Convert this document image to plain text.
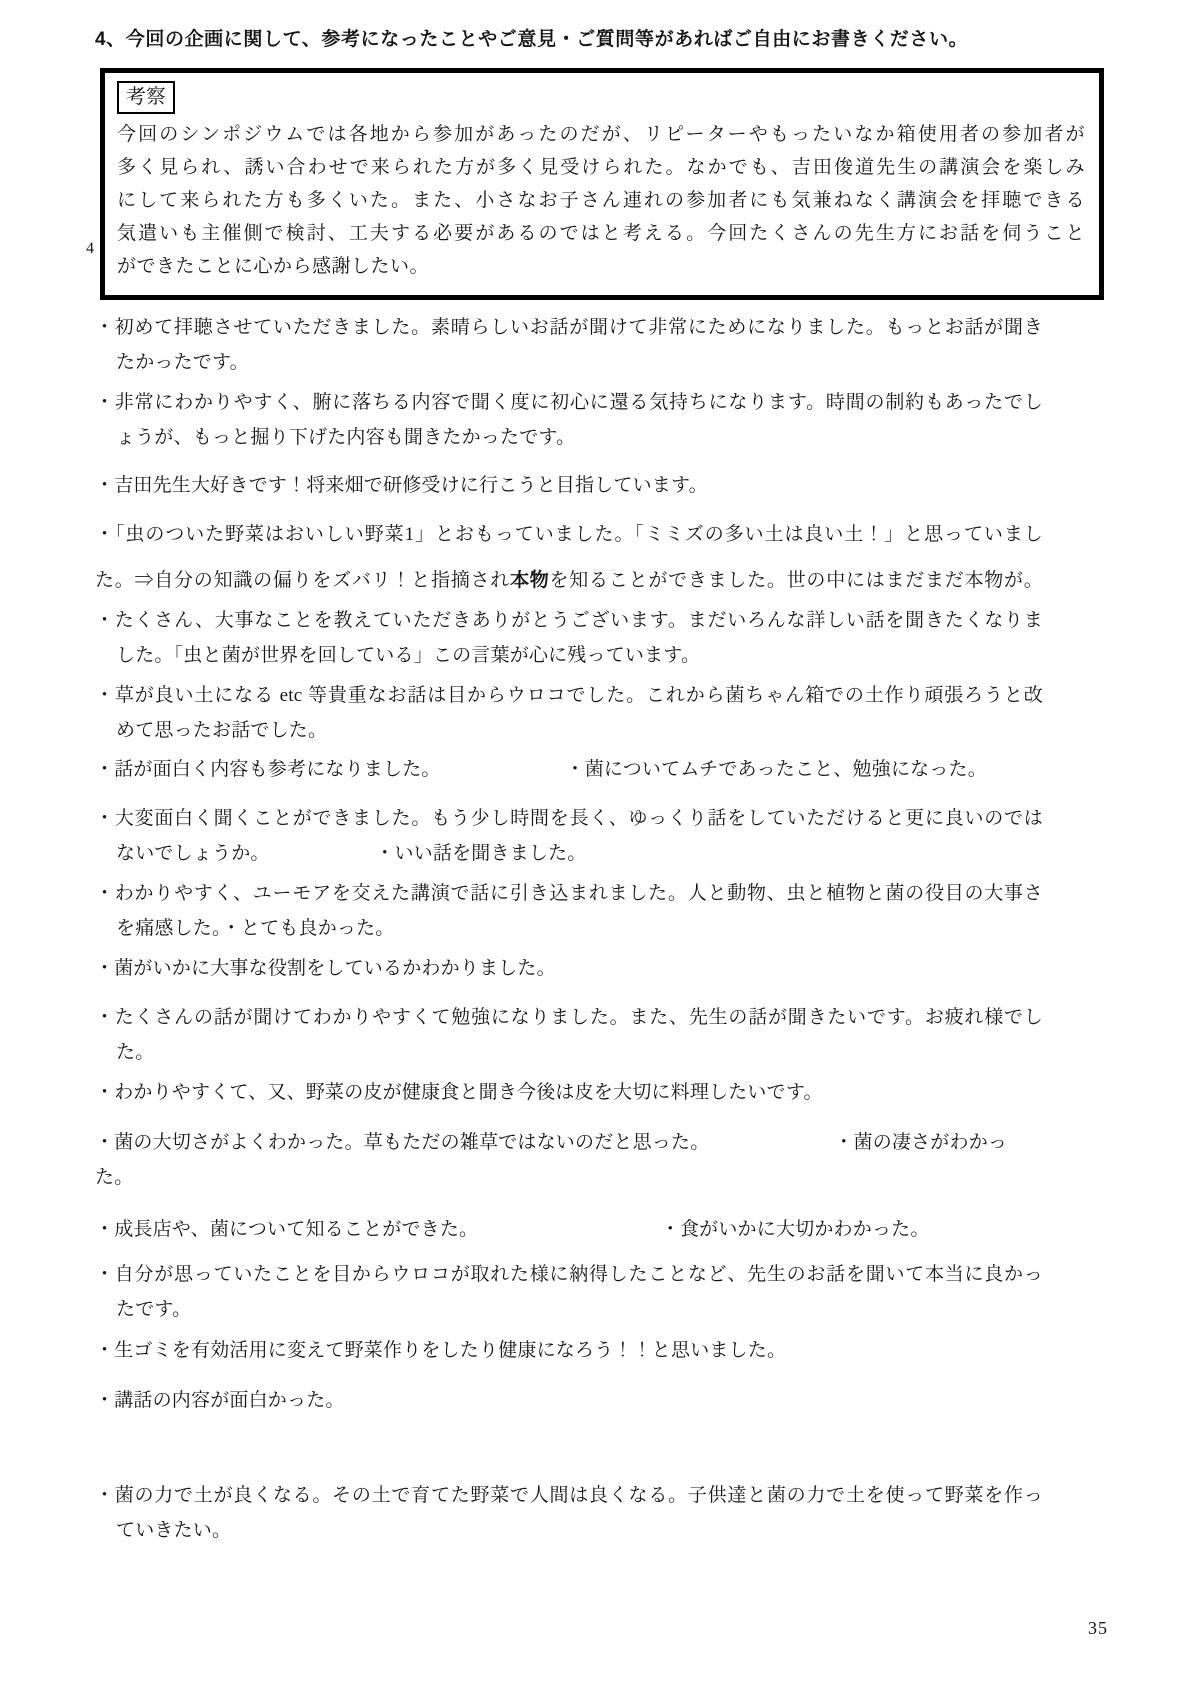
4、今回の企画に関して、参考になったことやご意見・ご質問等があればご自由にお書きください。
4
考察
今回のシンポジウムでは各地から参加があったのだが、リピーターやもったいなか箱使用者の参加者が
多く見られ、誘い合わせで来られた方が多く見受けられた。なかでも、吉田俊道先生の講演会を楽しみ
にして来られた方も多くいた。また、小さなお子さん連れの参加者にも気兼ねなく講演会を拝聴できる
気遣いも主催側で検討、工夫する必要があるのではと考える。今回たくさんの先生方にお話を伺うこと
ができたことに心から感謝したい。
・初めて拝聴させていただきました。素晴らしいお話が聞けて非常にためになりました。もっとお話が聞き
たかったです。
・非常にわかりやすく、腑に落ちる内容で聞く度に初心に還る気持ちになります。時間の制約もあったでし
ょうが、もっと掘り下げた内容も聞きたかったです。
・吉田先生大好きです！将来畑で研修受けに行こうと目指しています。
・「虫のついた野菜はおいしい野菜1」とおもっていました。「ミミズの多い土は良い土！」と思っていまし
た。⇒自分の知識の偏りをズバリ！と指摘され本物を知ることができました。世の中にはまだまだ本物が。
・たくさん、大事なことを教えていただきありがとうございます。まだいろんな詳しい話を聞きたくなりま
した。「虫と菌が世界を回している」この言葉が心に残っています。
・草が良い土になる etc 等貴重なお話は目からウロコでした。これから菌ちゃん箱での土作り頑張ろうと改
めて思ったお話でした。
・話が面白く内容も参考になりました。　　　　　　　・菌についてムチであったこと、勉強になった。
・大変面白く聞くことができました。もう少し時間を長く、ゆっくり話をしていただけると更に良いのでは
ないでしょうか。　　　　　　・いい話を聞きました。
・わかりやすく、ユーモアを交えた講演で話に引き込まれました。人と動物、虫と植物と菌の役目の大事さ
を痛感した。・とても良かった。
・菌がいかに大事な役割をしているかわかりました。
・たくさんの話が聞けてわかりやすくて勉強になりました。また、先生の話が聞きたいです。お疲れ様でし
た。
・わかりやすくて、又、野菜の皮が健康食と聞き今後は皮を大切に料理したいです。
・菌の大切さがよくわかった。草もただの雑草ではないのだと思った。　　　　　　　・菌の凄さがわかった。
・成長店や、菌について知ることができた。　　　　　　　　　　・食がいかに大切かわかった。
・自分が思っていたことを目からウロコが取れた様に納得したことなど、先生のお話を聞いて本当に良かっ
たです。
・生ゴミを有効活用に変えて野菜作りをしたり健康になろう！！と思いました。
・講話の内容が面白かった。
・菌の力で土が良くなる。その土で育てた野菜で人間は良くなる。子供達と菌の力で土を使って野菜を作っ
ていきたい。
35
